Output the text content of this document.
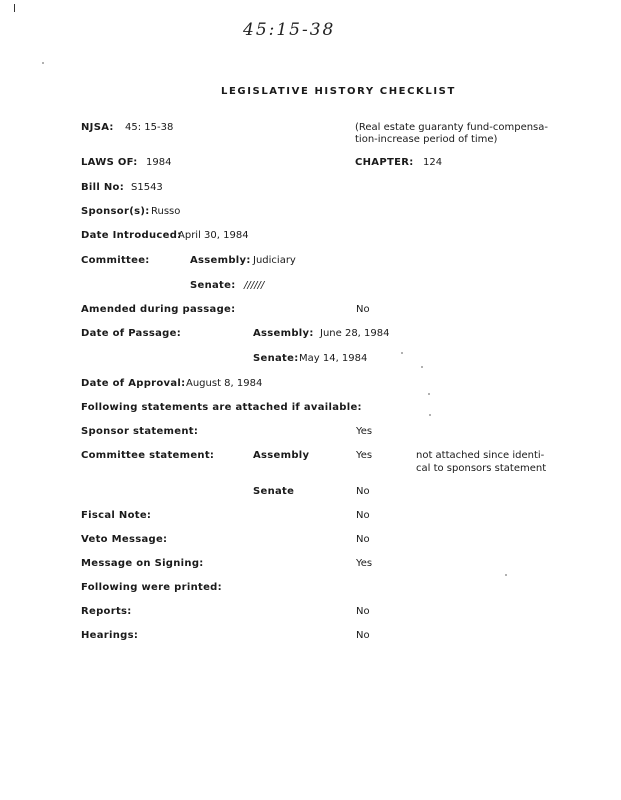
45:15-38
LEGISLATIVE HISTORY CHECKLIST
NJSA: 45: 15-38	(Real estate guaranty fund-compensa-
tion-increase period of time)
LAWS OF: 1984	CHAPTER: 124
Bill No: S1543
Sponsor(s): Russo
Date Introduced:
April 30, 1984
Committee:	Assembly: Judiciary
Senate: //////
Amended during passage:	No
Date of Passage:	Assembly: June 28, 1984
Senate: May 14, 1984
Date of Approval: August 8, 1984
Following statements are attached if available:
Sponsor statement:	Yes
Committee statement:	Assembly	Yes	not attached since identi-
cal to sponsors statement
Senate	No
Fiscal Note:	No
Veto Message:	No
Message on Signing:	Yes
Following were printed:
Reports:	No
Hearings:	No
